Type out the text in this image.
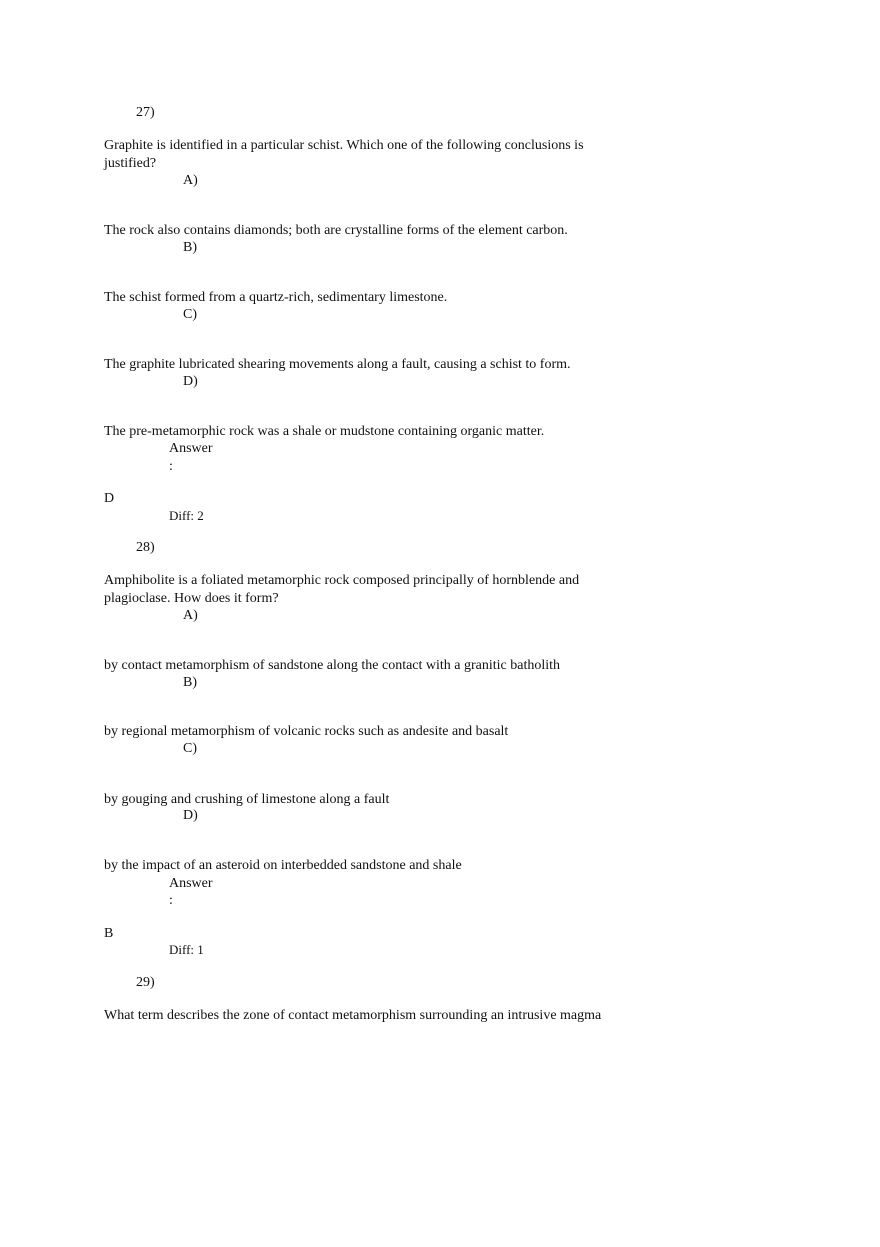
27)
Graphite is identified in a particular schist. Which one of the following conclusions is justified?
A)
The rock also contains diamonds; both are crystalline forms of the element carbon.
B)
The schist formed from a quartz-rich, sedimentary limestone.
C)
The graphite lubricated shearing movements along a fault, causing a schist to form.
D)
The pre-metamorphic rock was a shale or mudstone containing organic matter.
Answer
:
D
Diff: 2
28)
Amphibolite is a foliated metamorphic rock composed principally of hornblende and plagioclase. How does it form?
A)
by contact metamorphism of sandstone along the contact with a granitic batholith
B)
by regional metamorphism of volcanic rocks such as andesite and basalt
C)
by gouging and crushing of limestone along a fault
D)
by the impact of an asteroid on interbedded sandstone and shale
Answer
:
B
Diff: 1
29)
What term describes the zone of contact metamorphism surrounding an intrusive magma
